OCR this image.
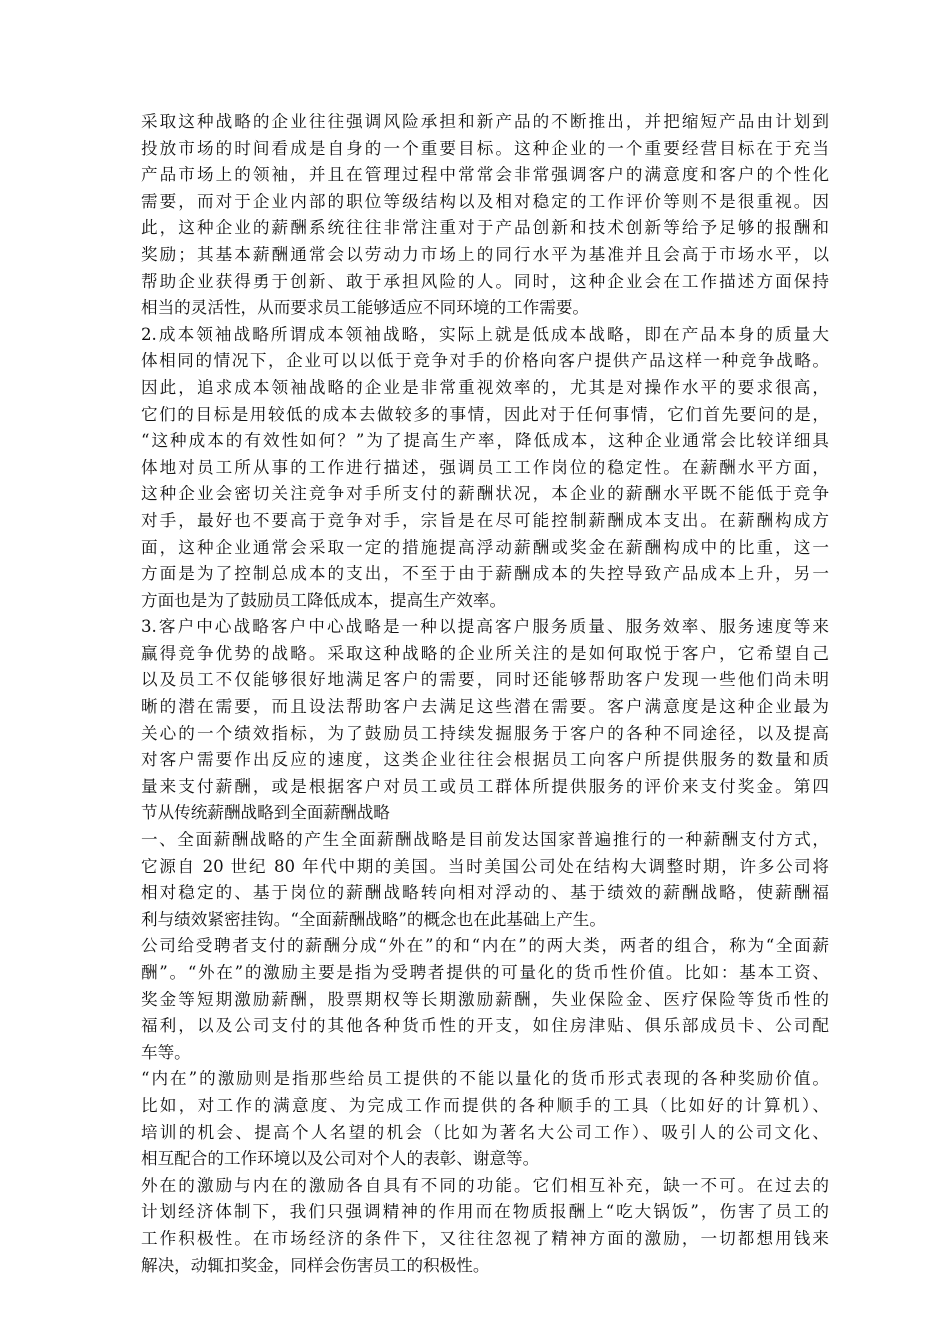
采取这种战略的企业往往强调风险承担和新产品的不断推出，并把缩短产品由计划到
投放市场的时间看成是自身的一个重要目标。这种企业的一个重要经营目标在于充当
产品市场上的领袖，并且在管理过程中常常会非常强调客户的满意度和客户的个性化
需要，而对于企业内部的职位等级结构以及相对稳定的工作评价等则不是很重视。因
此，这种企业的薪酬系统往往非常注重对于产品创新和技术创新等给予足够的报酬和
奖励；其基本薪酬通常会以劳动力市场上的同行水平为基准并且会高于市场水平，以
帮助企业获得勇于创新、敢于承担风险的人。同时，这种企业会在工作描述方面保持
相当的灵活性，从而要求员工能够适应不同环境的工作需要。
2.成本领袖战略所谓成本领袖战略，实际上就是低成本战略，即在产品本身的质量大
体相同的情况下，企业可以以低于竞争对手的价格向客户提供产品这样一种竞争战略。
因此，追求成本领袖战略的企业是非常重视效率的，尤其是对操作水平的要求很高，
它们的目标是用较低的成本去做较多的事情，因此对于任何事情，它们首先要问的是，
“这种成本的有效性如何？”为了提高生产率，降低成本，这种企业通常会比较详细具
体地对员工所从事的工作进行描述，强调员工工作岗位的稳定性。在薪酬水平方面，
这种企业会密切关注竞争对手所支付的薪酬状况，本企业的薪酬水平既不能低于竞争
对手，最好也不要高于竞争对手，宗旨是在尽可能控制薪酬成本支出。在薪酬构成方
面，这种企业通常会采取一定的措施提高浮动薪酬或奖金在薪酬构成中的比重，这一
方面是为了控制总成本的支出，不至于由于薪酬成本的失控导致产品成本上升，另一
方面也是为了鼓励员工降低成本，提高生产效率。
3.客户中心战略客户中心战略是一种以提高客户服务质量、服务效率、服务速度等来
赢得竞争优势的战略。采取这种战略的企业所关注的是如何取悦于客户，它希望自己
以及员工不仅能够很好地满足客户的需要，同时还能够帮助客户发现一些他们尚未明
晰的潜在需要，而且设法帮助客户去满足这些潜在需要。客户满意度是这种企业最为
关心的一个绩效指标，为了鼓励员工持续发掘服务于客户的各种不同途径，以及提高
对客户需要作出反应的速度，这类企业往往会根据员工向客户所提供服务的数量和质
量来支付薪酬，或是根据客户对员工或员工群体所提供服务的评价来支付奖金。第四
节从传统薪酬战略到全面薪酬战略
一、全面薪酬战略的产生全面薪酬战略是目前发达国家普遍推行的一种薪酬支付方式，
它源自 20 世纪 80 年代中期的美国。当时美国公司处在结构大调整时期，许多公司将
相对稳定的、基于岗位的薪酬战略转向相对浮动的、基于绩效的薪酬战略，使薪酬福
利与绩效紧密挂钩。“全面薪酬战略”的概念也在此基础上产生。
公司给受聘者支付的薪酬分成“外在”的和“内在”的两大类，两者的组合，称为“全面薪
酬”。“外在”的激励主要是指为受聘者提供的可量化的货币性价值。比如：基本工资、
奖金等短期激励薪酬，股票期权等长期激励薪酬，失业保险金、医疗保险等货币性的
福利，以及公司支付的其他各种货币性的开支，如住房津贴、俱乐部成员卡、公司配
车等。
“内在”的激励则是指那些给员工提供的不能以量化的货币形式表现的各种奖励价值。
比如，对工作的满意度、为完成工作而提供的各种顺手的工具（比如好的计算机）、
培训的机会、提高个人名望的机会（比如为著名大公司工作）、吸引人的公司文化、
相互配合的工作环境以及公司对个人的表彰、谢意等。
外在的激励与内在的激励各自具有不同的功能。它们相互补充，缺一不可。在过去的
计划经济体制下，我们只强调精神的作用而在物质报酬上“吃大锅饭”，伤害了员工的
工作积极性。在市场经济的条件下，又往往忽视了精神方面的激励，一切都想用钱来
解决，动辄扣奖金，同样会伤害员工的积极性。
